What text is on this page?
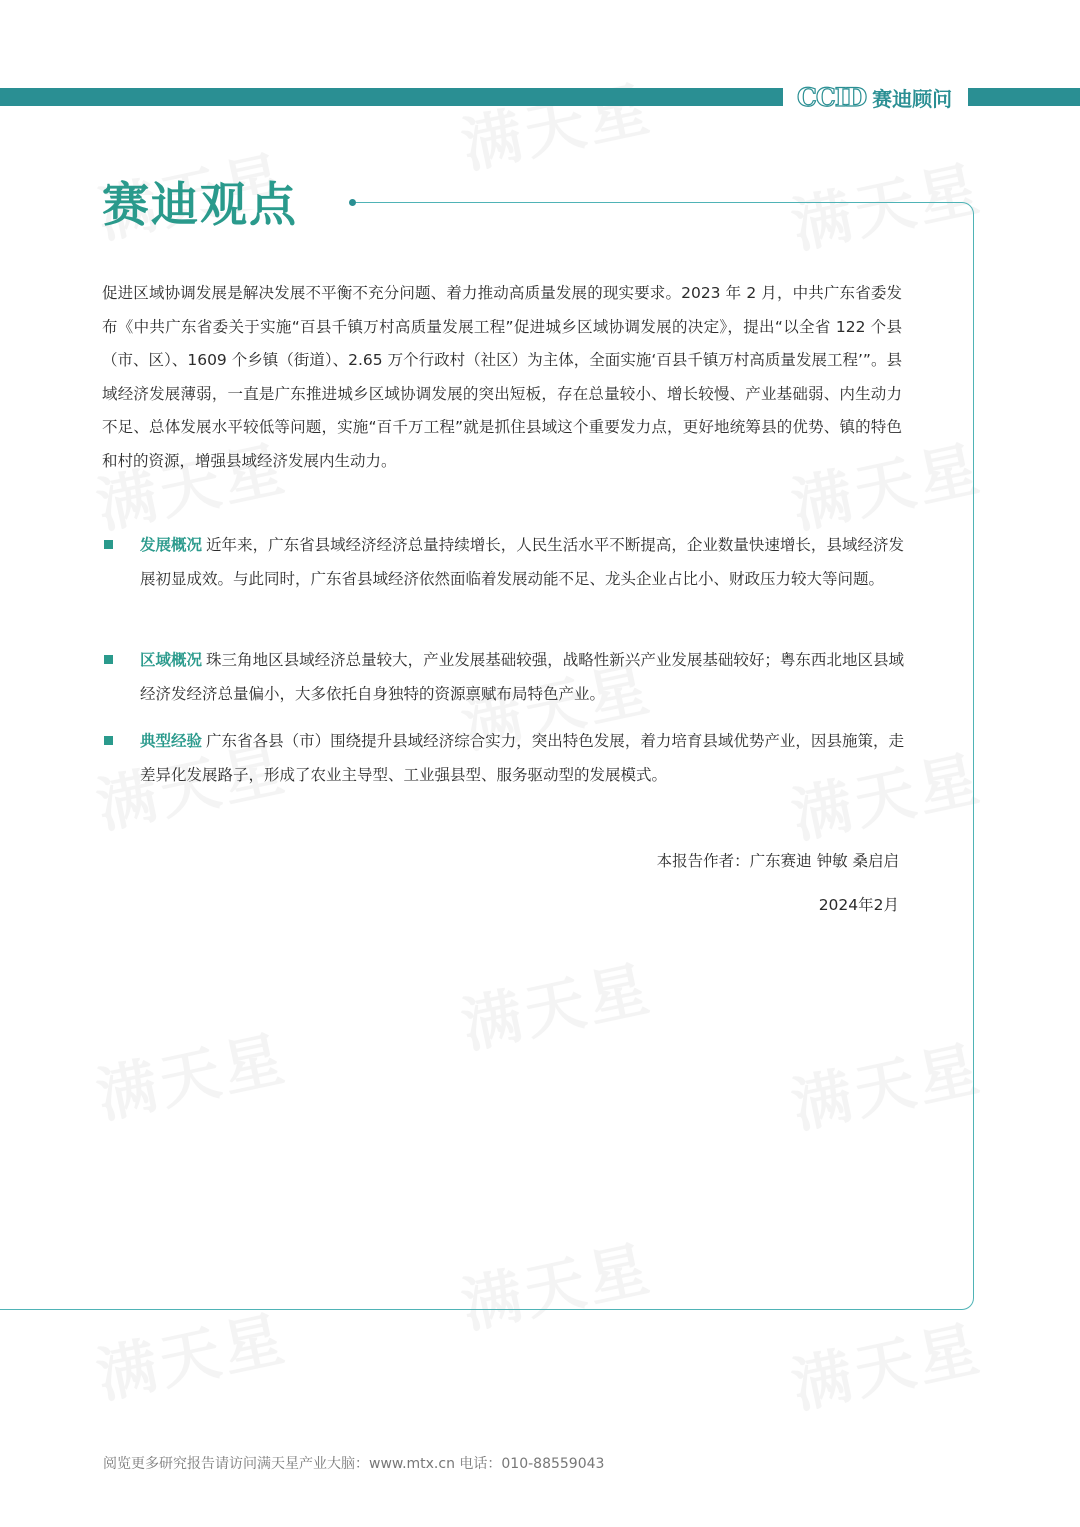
CCID 赛迪顾问
赛迪观点

促进区域协调发展是解决发展不平衡不充分问题、着力推动高质量发展的现实要求。2023 年 2 月，中共广东省委发布《中共广东省委关于实施“百县千镇万村高质量发展工程”促进城乡区域协调发展的决定》，提出“以全省 122 个县（市、区）、1609 个乡镇（街道）、2.65 万个行政村（社区）为主体，全面实施‘百县千镇万村高质量发展工程’”。县域经济发展薄弱，一直是广东推进城乡区域协调发展的突出短板，存在总量较小、增长较慢、产业基础弱、内生动力不足、总体发展水平较低等问题，实施“百千万工程”就是抓住县域这个重要发力点，更好地统筹县的优势、镇的特色和村的资源，增强县域经济发展内生动力。

发展概况 近年来，广东省县域经济经济总量持续增长，人民生活水平不断提高，企业数量快速增长，县域经济发展初显成效。与此同时，广东省县域经济依然面临着发展动能不足、龙头企业占比小、财政压力较大等问题。

区域概况 珠三角地区县域经济总量较大，产业发展基础较强，战略性新兴产业发展基础较好；粤东西北地区县域经济发经济总量偏小，大多依托自身独特的资源禀赋布局特色产业。

典型经验 广东省各县（市）围绕提升县域经济综合实力，突出特色发展，着力培育县域优势产业，因县施策，走差异化发展路子，形成了农业主导型、工业强县型、服务驱动型的发展模式。

本报告作者：广东赛迪 钟敏 桑启启
2024年2月
阅览更多研究报告请访问满天星产业大脑：www.mtx.cn 电话：010-88559043
